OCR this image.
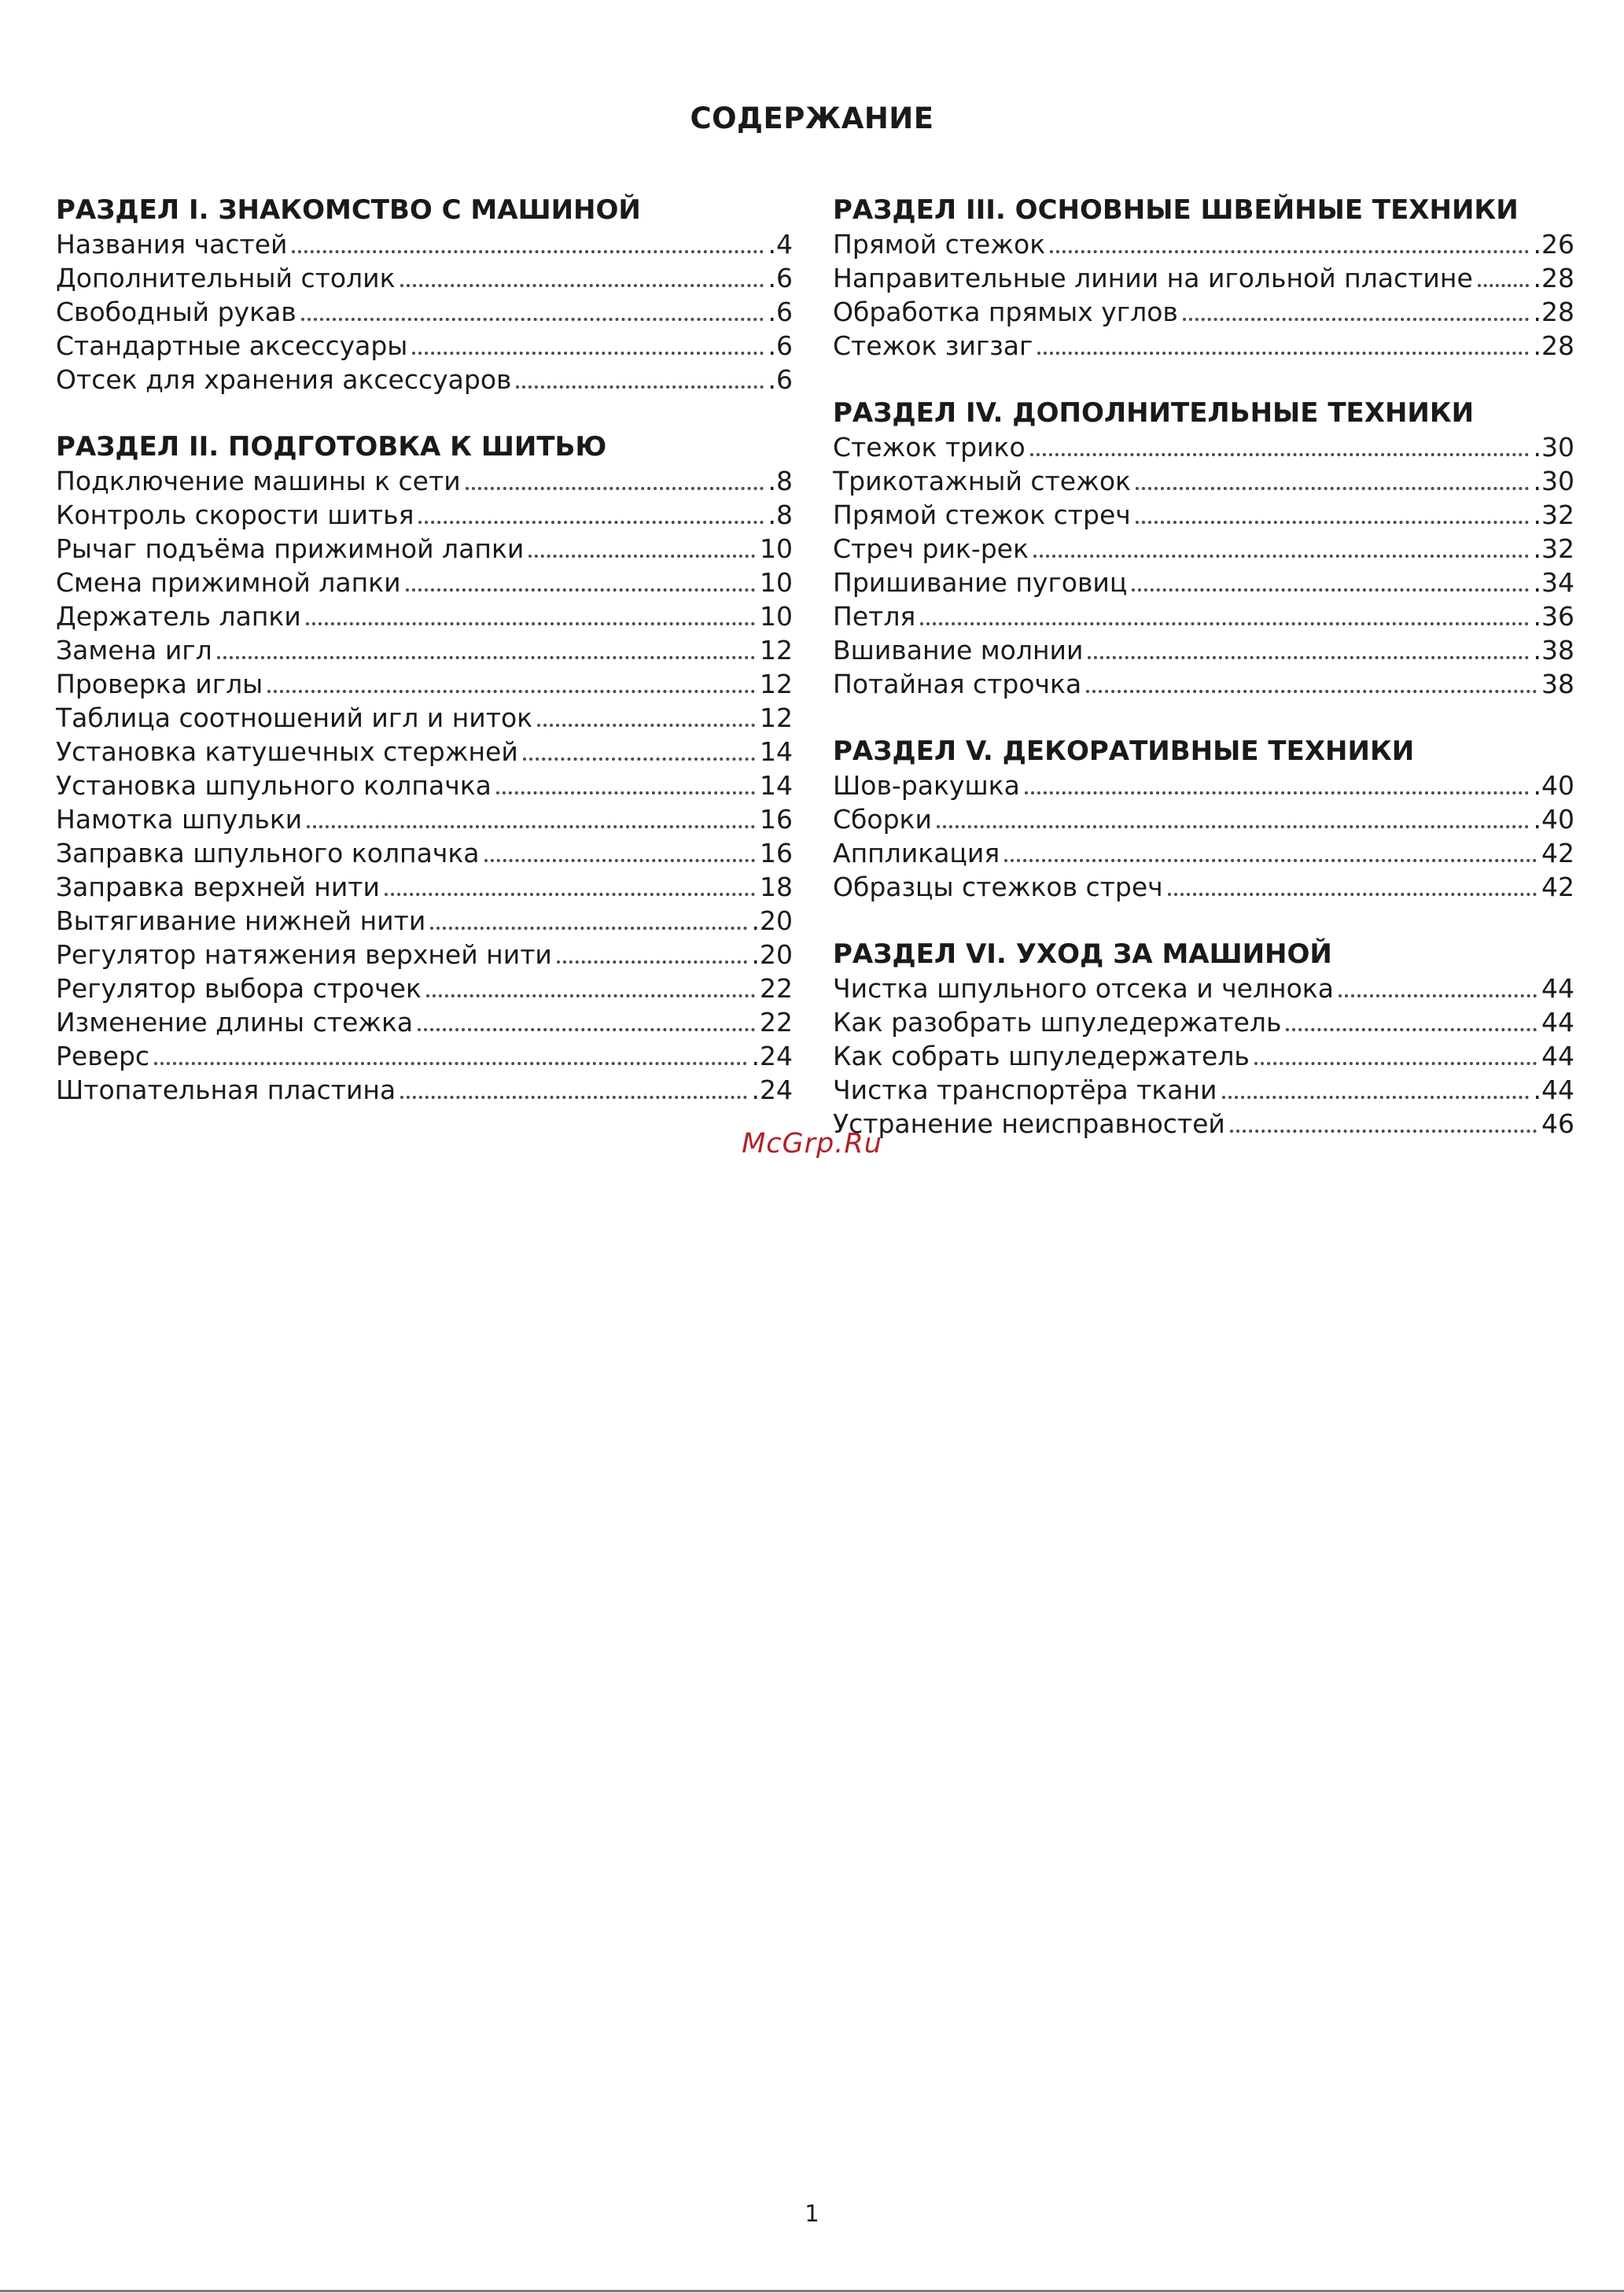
СОДЕРЖАНИЕ
РАЗДЕЛ I. ЗНАКОМСТВО С МАШИНОЙ
Названия частей	.4
Дополнительный столик	.6
Свободный рукав	.6
Стандартные аксессуары	.6
Отсек для хранения аксессуаров	.6
РАЗДЕЛ II. ПОДГОТОВКА К ШИТЬЮ
Подключение машины к сети	.8
Контроль скорости шитья	.8
Рычаг подъёма прижимной лапки	10
Смена прижимной лапки	10
Держатель лапки	10
Замена игл	12
Проверка иглы	12
Таблица соотношений игл и ниток	12
Установка катушечных стержней	14
Установка шпульного колпачка	14
Намотка шпульки	16
Заправка шпульного колпачка	16
Заправка верхней нити	18
Вытягивание нижней нити	.20
Регулятор натяжения верхней нити	.20
Регулятор выбора строчек	22
Изменение длины стежка	22
Реверс	.24
Штопательная пластина	.24
РАЗДЕЛ III. ОСНОВНЫЕ ШВЕЙНЫЕ ТЕХНИКИ
Прямой стежок	.26
Направительные линии на игольной пластине .28
Обработка прямых углов	.28
Стежок зигзаг	.28
РАЗДЕЛ IV. ДОПОЛНИТЕЛЬНЫЕ ТЕХНИКИ
Стежок трико	.30
Трикотажный стежок	.30
Прямой стежок стреч	.32
Стреч рик-рек	.32
Пришивание пуговиц	.34
Петля	.36
Вшивание молнии	.38
Потайная строчка	38
РАЗДЕЛ V. ДЕКОРАТИВНЫЕ ТЕХНИКИ
Шов-ракушка	.40
Сборки	.40
Аппликация	42
Образцы стежков стреч	42
РАЗДЕЛ VI. УХОД ЗА МАШИНОЙ
Чистка шпульного отсека и челнока	44
Как разобрать шпуледержатель	44
Как собрать шпуледержатель	44
Чистка транспортёра ткани	.44
Устранение неисправностей	46
McGrp.Ru
1
